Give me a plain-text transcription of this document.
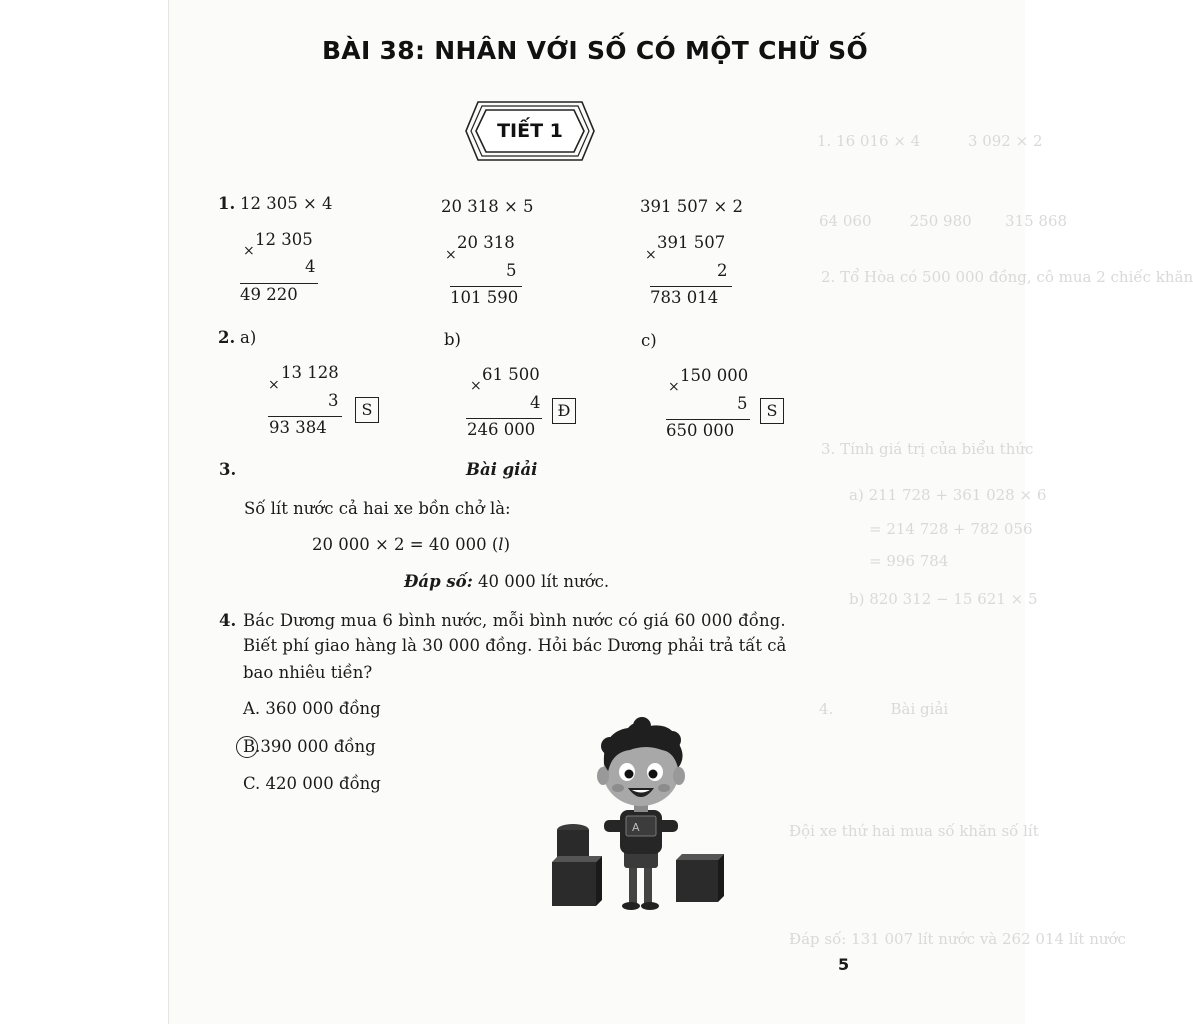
1. 16 016 × 4          3 092 × 2
64 060        250 980       315 868
2. Tổ Hòa có 500 000 đồng, cô mua 2 chiếc khăn
3. Tính giá trị của biểu thức
a) 211 728 + 361 028 × 6
= 214 728 + 782 056
= 996 784
b) 820 312 − 15 621 × 5
4.            Bài giải
Đội xe thứ hai mua số khăn số lít
Đáp số: 131 007 lít nước và 262 014 lít nước
BÀI 38: NHÂN VỚI SỐ CÓ MỘT CHỮ SỐ
TIẾT 1
1. 12 305 × 4	20 318 × 5	391 507 × 2
×
12 305
4
49 220
×
20 318
5
101 590
×
391 507
2
783 014
2. a)	b)	c)
×
13 128
3
93 384
S
×
61 500
4
246 000
Đ
×
150 000
5
650 000
S
3.	Bài giải
Số lít nước cả hai xe bồn chở là:
20 000 × 2 = 40 000 (l)
Đáp số: 40 000 lít nước.
4. Bác Dương mua 6 bình nước, mỗi bình nước có giá 60 000 đồng.
Biết phí giao hàng là 30 000 đồng. Hỏi bác Dương phải trả tất cả
bao nhiêu tiền?
A. 360 000 đồng
B.390 000 đồng
C. 420 000 đồng
A
5
